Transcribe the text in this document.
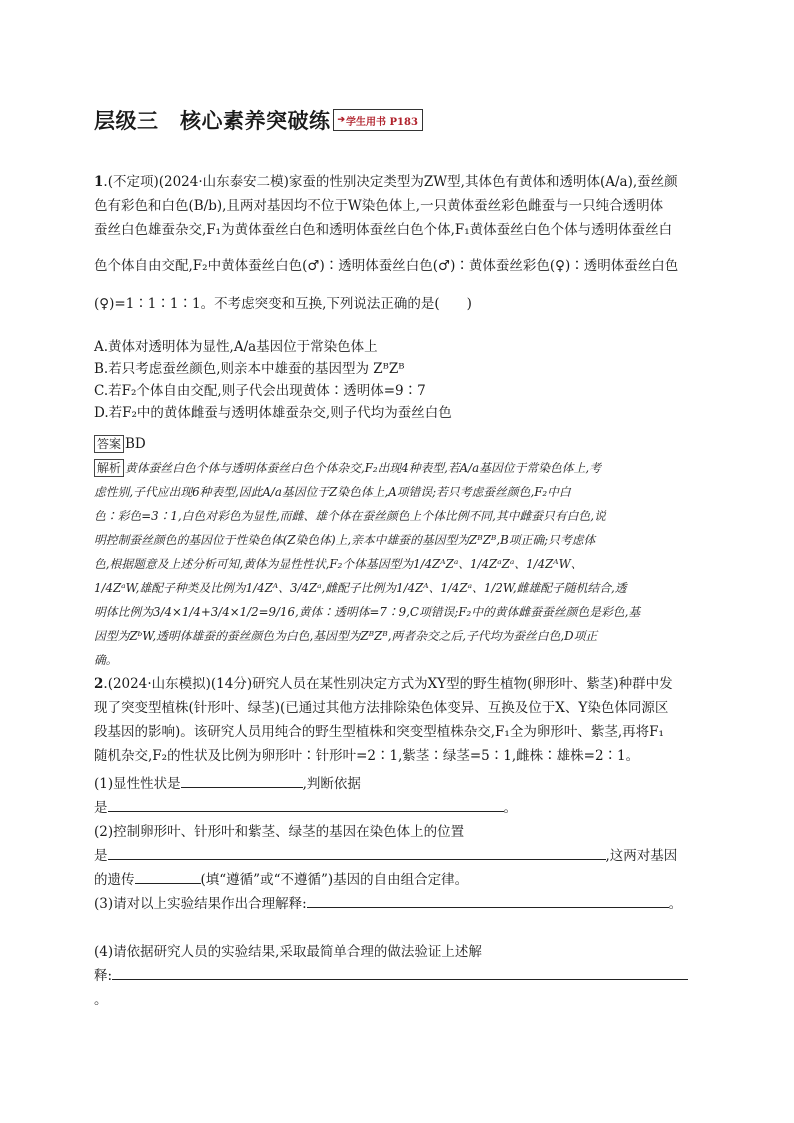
层级三　核心素养突破练 ➔ 学生用书 P183
1.(不定项)(2024·山东泰安二模)家蚕的性别决定类型为ZW型,其体色有黄体和透明体(A/a),蚕丝颜
色有彩色和白色(B/b),且两对基因均不位于W染色体上,一只黄体蚕丝彩色雌蚕与一只纯合透明体
蚕丝白色雄蚕杂交,F₁为黄体蚕丝白色和透明体蚕丝白色个体,F₁黄体蚕丝白色个体与透明体蚕丝白
色个体自由交配,F₂中黄体蚕丝白色(♂)∶透明体蚕丝白色(♂)∶黄体蚕丝彩色(♀)∶透明体蚕丝白色
(♀)=1∶1∶1∶1。不考虑突变和互换,下列说法正确的是(　　)
A.黄体对透明体为显性,A/a基因位于常染色体上
B.若只考虑蚕丝颜色,则亲本中雄蚕的基因型为 ZᴮZᴮ
C.若F₂个体自由交配,则子代会出现黄体∶透明体=9∶7
D.若F₂中的黄体雌蚕与透明体雄蚕杂交,则子代均为蚕丝白色
答案 BD
解析 黄体蚕丝白色个体与透明体蚕丝白色个体杂交,F₂出现4种表型,若A/a基因位于常染色体上,考
虑性别,子代应出现6种表型,因此A/a基因位于Z染色体上,A项错误;若只考虑蚕丝颜色,F₂中白
色∶彩色=3∶1,白色对彩色为显性,而雌、雄个体在蚕丝颜色上个体比例不同,其中雌蚕只有白色,说
明控制蚕丝颜色的基因位于性染色体(Z染色体)上,亲本中雄蚕的基因型为ZᴮZᴮ,B项正确;只考虑体
色,根据题意及上述分析可知,黄体为显性性状,F₂个体基因型为1/4ZᴬZᵃ、1/4ZᵃZᵃ、1/4ZᴬW、
1/4ZᵃW,雄配子种类及比例为1/4Zᴬ、3/4Zᵃ,雌配子比例为1/4Zᴬ、1/4Zᵃ、1/2W,雌雄配子随机结合,透
明体比例为3/4×1/4+3/4×1/2=9/16,黄体∶透明体=7∶9,C项错误;F₂中的黄体雌蚕蚕丝颜色是彩色,基
因型为ZᵇW,透明体雄蚕的蚕丝颜色为白色,基因型为ZᴮZᴮ,两者杂交之后,子代均为蚕丝白色,D项正
确。
2.(2024·山东模拟)(14分)研究人员在某性别决定方式为XY型的野生植物(卵形叶、紫茎)种群中发
现了突变型植株(针形叶、绿茎)(已通过其他方法排除染色体变异、互换及位于X、Y染色体同源区
段基因的影响)。该研究人员用纯合的野生型植株和突变型植株杂交,F₁全为卵形叶、紫茎,再将F₁
随机杂交,F₂的性状及比例为卵形叶∶针形叶=2∶1,紫茎∶绿茎=5∶1,雌株∶雄株=2∶1。
(1)显性性状是	,判断依据
是	。
(2)控制卵形叶、针形叶和紫茎、绿茎的基因在染色体上的位置
是	,这两对基因
的遗传	(填“遵循”或“不遵循”)基因的自由组合定律。
(3)请对以上实验结果作出合理解释:	。
(4)请依据研究人员的实验结果,采取最简单合理的做法验证上述解
释:
。
